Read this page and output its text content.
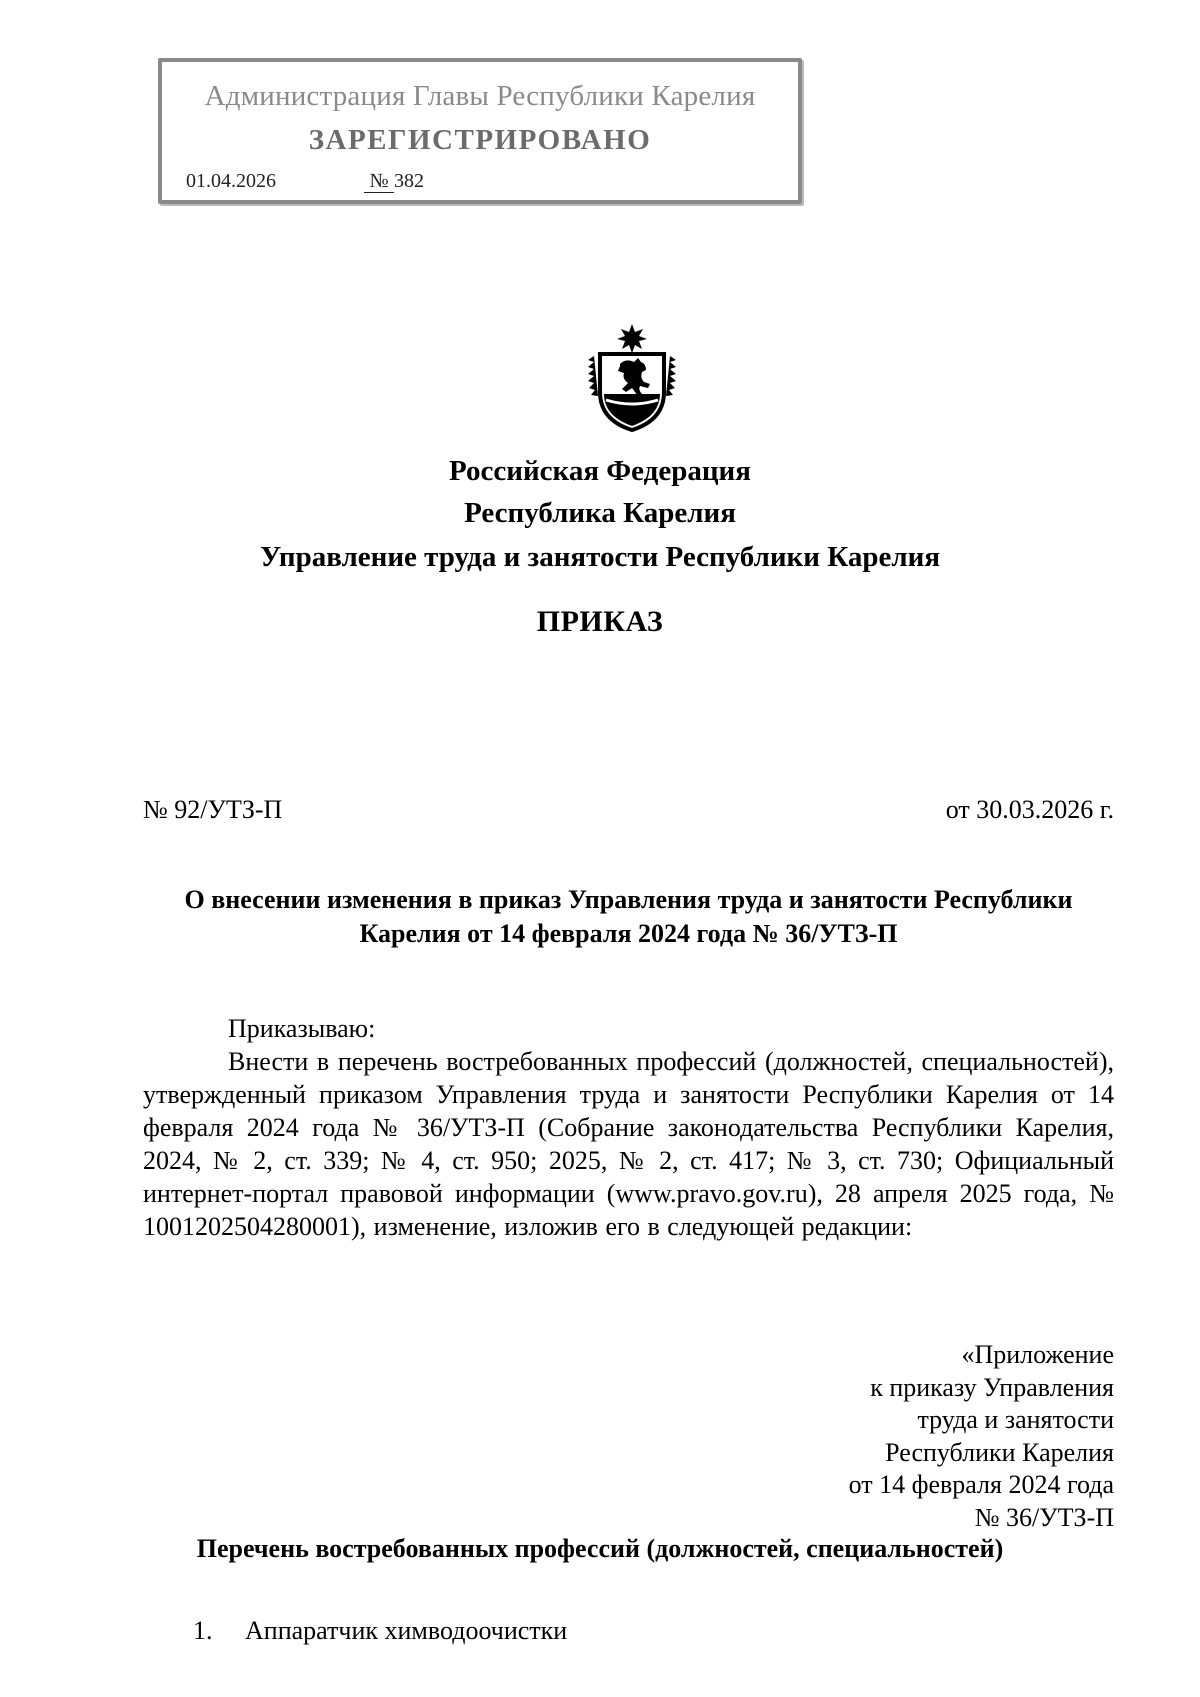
Администрация Главы Республики Карелия
ЗАРЕГИСТРИРОВАНО
01.04.2026	№ 382
Российская Федерация
Республика Карелия
Управление труда и занятости Республики Карелия
ПРИКАЗ
№ 92/УТЗ-П	от 30.03.2026 г.
О внесении изменения в приказ Управления труда и занятости Республики
Карелия от 14 февраля 2024 года № 36/УТЗ-П
Приказываю:
Внести в перечень востребованных профессий (должностей, специальностей), утвержденный приказом Управления труда и занятости Республики Карелия от 14 февраля 2024 года № 36/УТЗ-П (Собрание законодательства Республики Карелия, 2024, № 2, ст. 339; № 4, ст. 950; 2025, № 2, ст. 417; № 3, ст. 730; Официальный интернет-портал правовой информации (www.pravo.gov.ru), 28 апреля 2025 года, № 1001202504280001), изменение, изложив его в следующей редакции:
«Приложение
к приказу Управления
труда и занятости
Республики Карелия
от 14 февраля 2024 года
№ 36/УТЗ-П
Перечень востребованных профессий (должностей, специальностей)
1. Аппаратчик химводоочистки
